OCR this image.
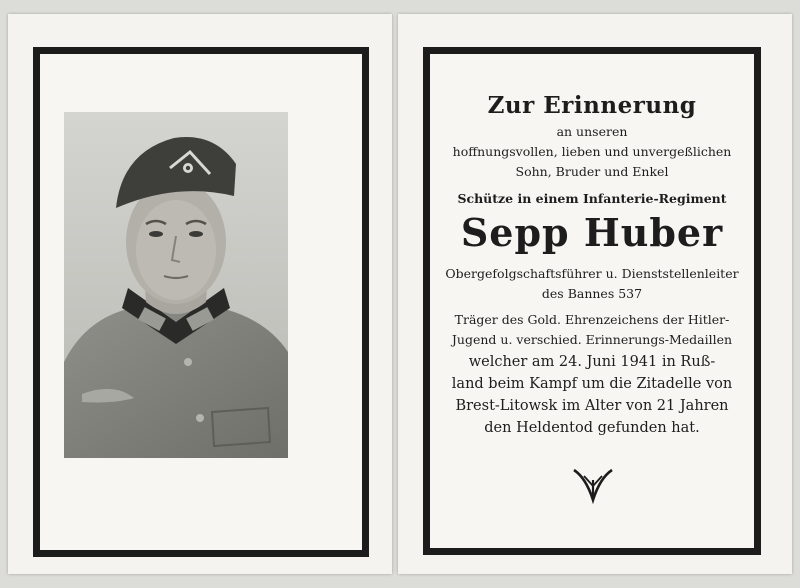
Zur Erinnerung
an unseren
hoffnungsvollen, lieben und unvergeßlichen
Sohn, Bruder und Enkel
Schütze in einem Infanterie-Regiment
Sepp Huber
Obergefolgschaftsführer u. Dienststellenleiter
des Bannes 537
Träger des Gold. Ehrenzeichens der Hitler-
Jugend u. verschied. Erinnerungs-Medaillen
welcher am 24. Juni 1941 in Ruß-
land beim Kampf um die Zitadelle von
Brest-Litowsk im Alter von 21 Jahren
den Heldentod gefunden hat.
